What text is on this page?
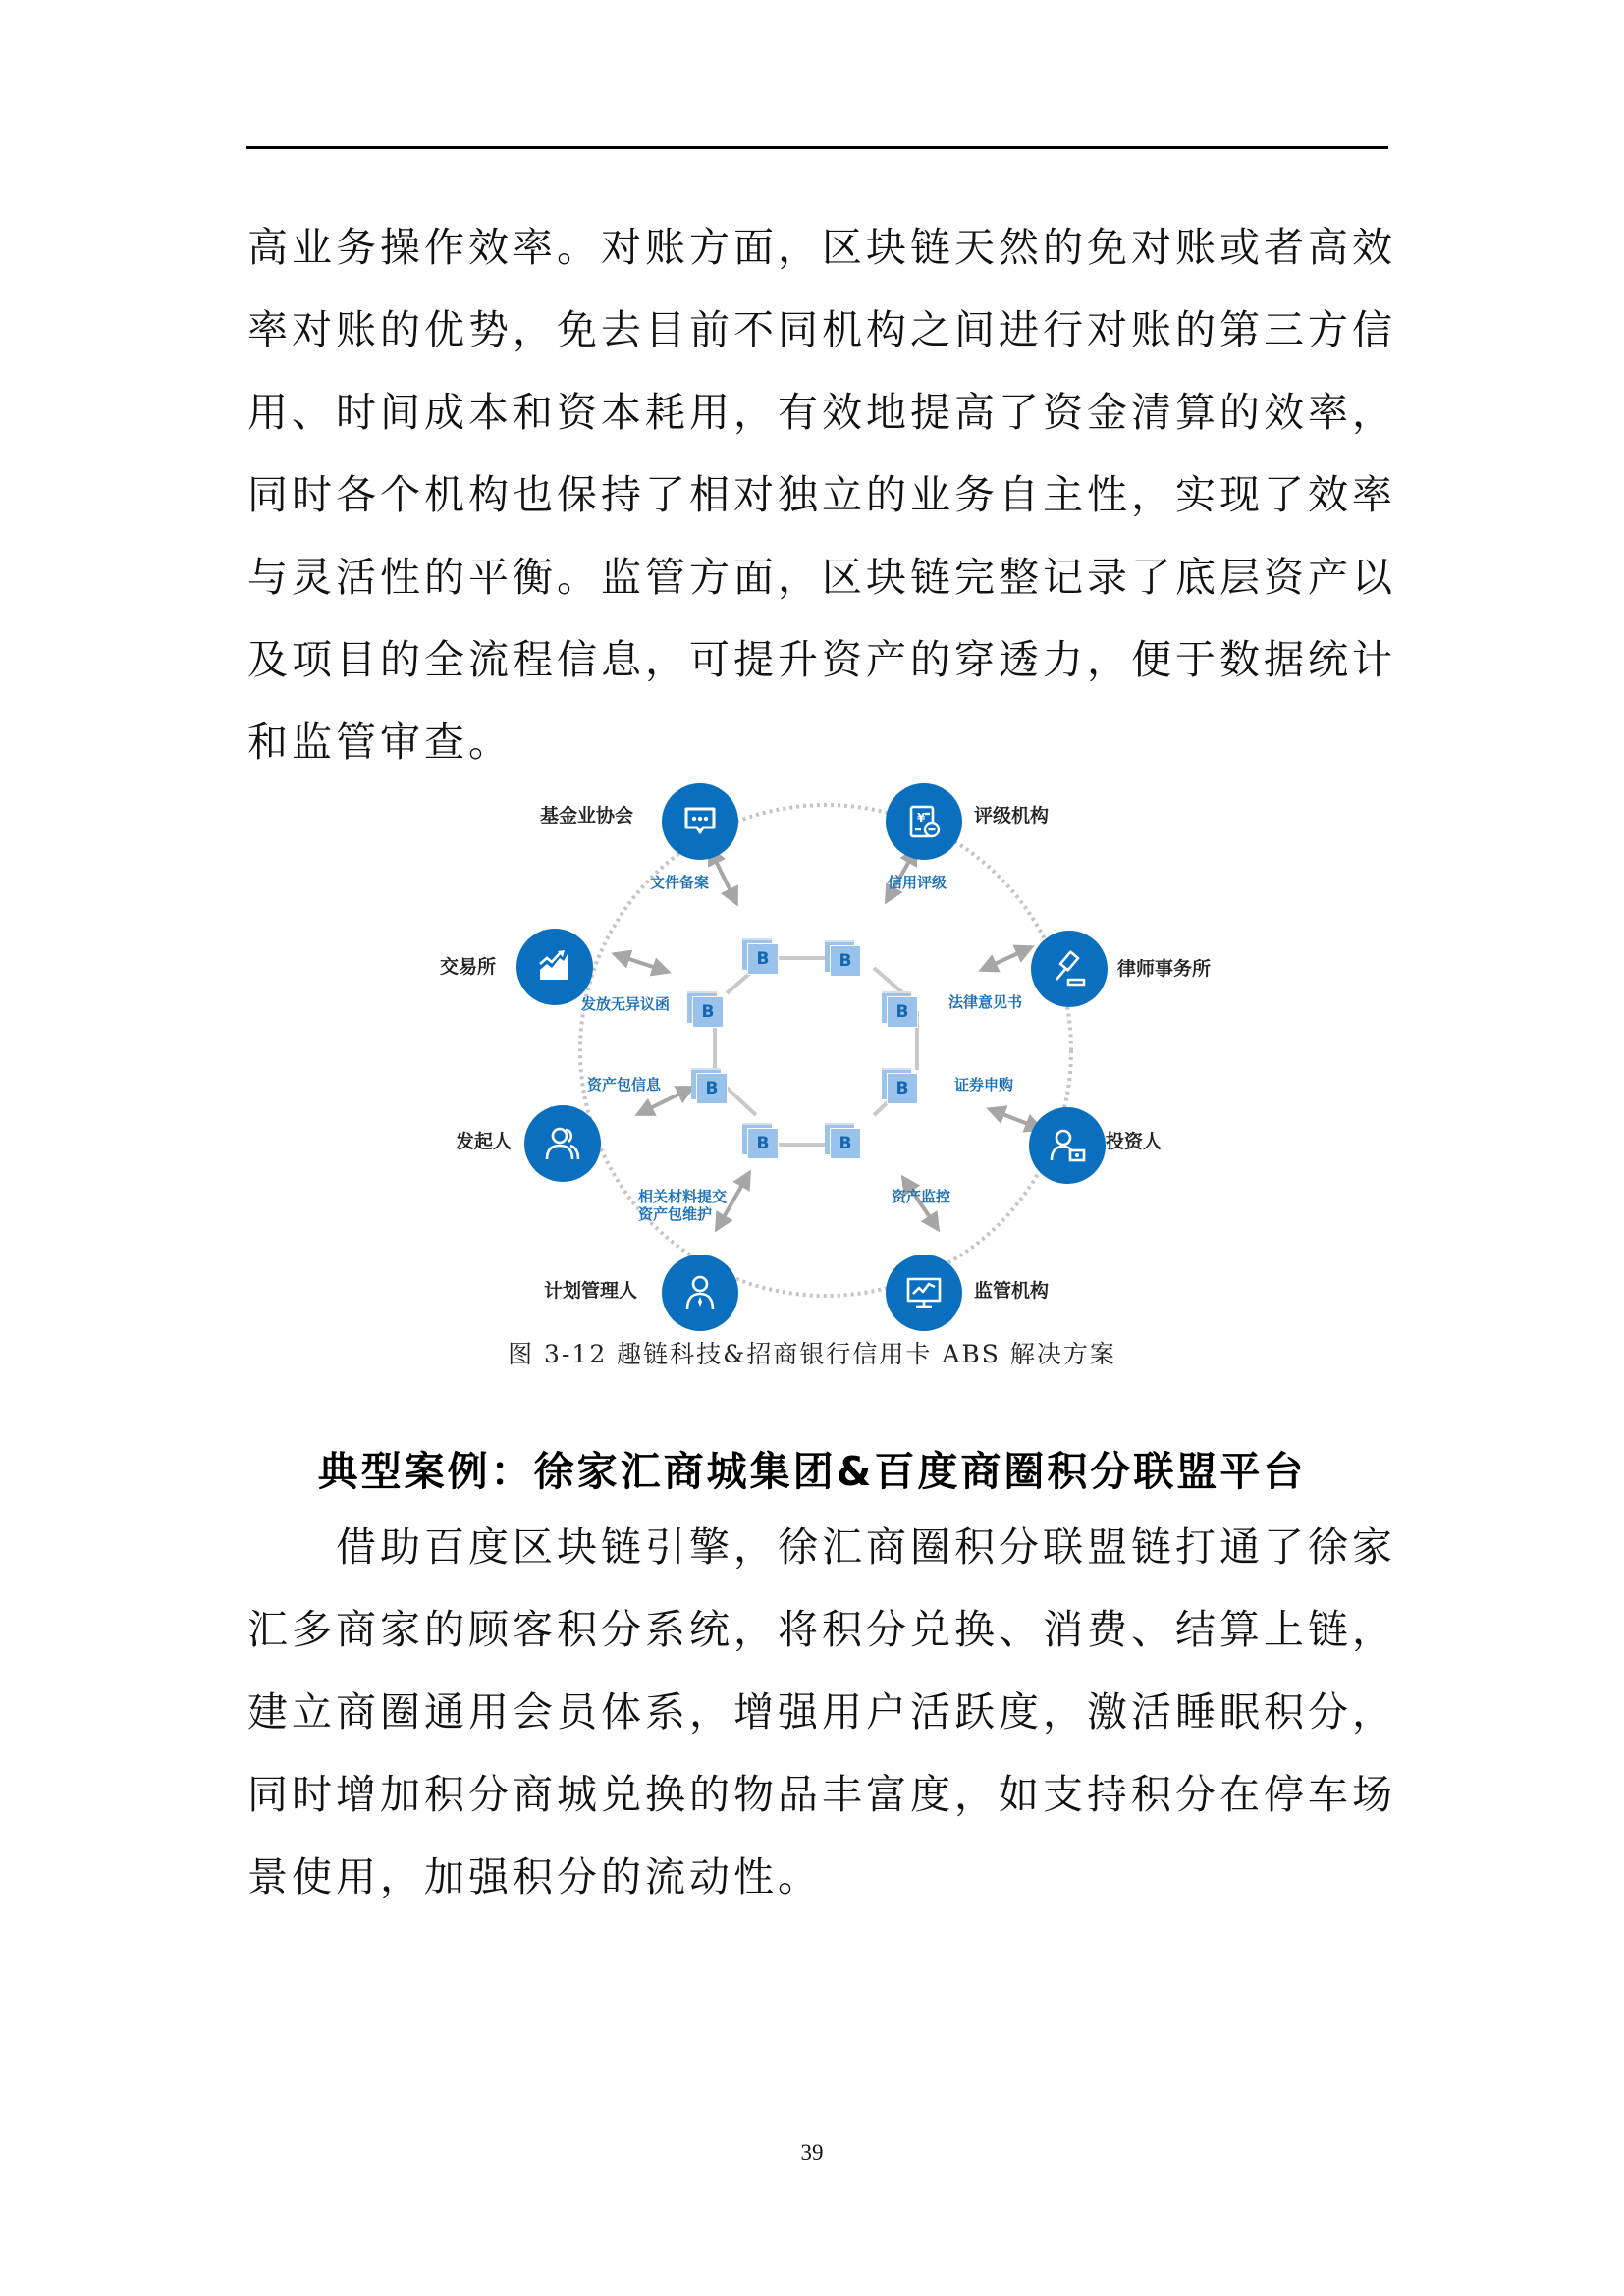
高业务操作效率。对账方面，区块链天然的免对账或者高效
率对账的优势，免去目前不同机构之间进行对账的第三方信
用、时间成本和资本耗用，有效地提高了资金清算的效率，
同时各个机构也保持了相对独立的业务自主性，实现了效率
与灵活性的平衡。监管方面，区块链完整记录了底层资产以
及项目的全流程信息，可提升资产的穿透力，便于数据统计
和监管审查。
基金业协会	¥	评级机构
律师事务所
投资人
监管机构
计划管理人
发起人
交易所
文件备案	信用评级
法律意见书
证券申购
资产监控
相关材料提交
资产包维护
资产包信息
发放无异议函
B	B
B
B
B
B
B
B

图 3-12 趣链科技&招商银行信用卡 ABS 解决方案

典型案例：徐家汇商城集团&百度商圈积分联盟平台
　　借助百度区块链引擎，徐汇商圈积分联盟链打通了徐家
汇多商家的顾客积分系统，将积分兑换、消费、结算上链，
建立商圈通用会员体系，增强用户活跃度，激活睡眠积分，
同时增加积分商城兑换的物品丰富度，如支持积分在停车场
景使用，加强积分的流动性。
39
